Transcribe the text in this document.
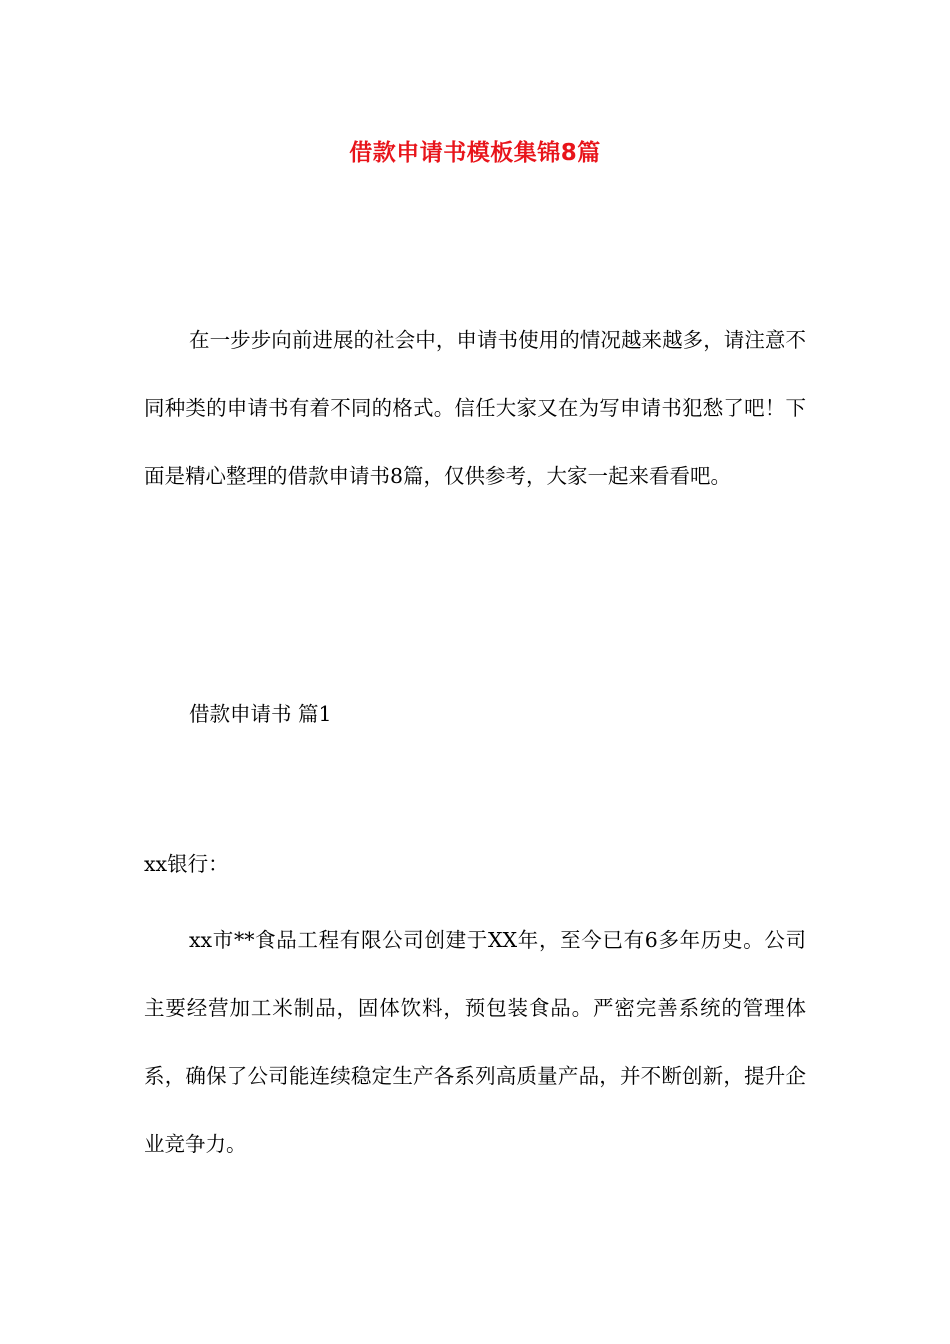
借款申请书模板集锦8篇

在一步步向前进展的社会中，申请书使用的情况越来越多，请注意不同种类的申请书有着不同的格式。信任大家又在为写申请书犯愁了吧！下面是精心整理的借款申请书8篇，仅供参考，大家一起来看看吧。

借款申请书 篇1

xx银行：

xx市**食品工程有限公司创建于XX年，至今已有6多年历史。公司主要经营加工米制品，固体饮料，预包装食品。严密完善系统的管理体系，确保了公司能连续稳定生产各系列高质量产品，并不断创新，提升企业竞争力。
